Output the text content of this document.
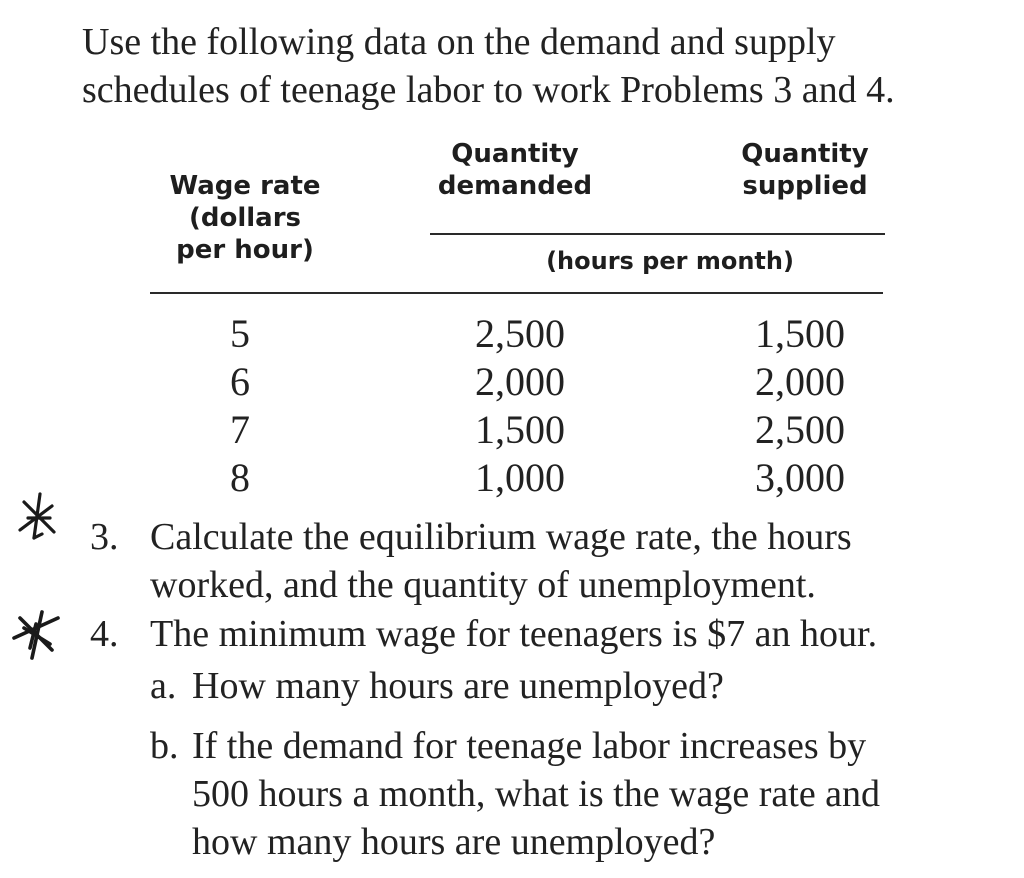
Use the following data on the demand and supply
schedules of teenage labor to work Problems 3 and 4.
Wage rate
(dollars
per hour)
Quantity
demanded
Quantity
supplied
(hours per month)
5	2,500	1,500
6	2,000	2,000
7	1,500	2,500
8	1,000	3,000
3. Calculate the equilibrium wage rate, the hours
worked, and the quantity of unemployment.
4. The minimum wage for teenagers is $7 an hour.
a. How many hours are unemployed?
b. If the demand for teenage labor increases by
500 hours a month, what is the wage rate and
how many hours are unemployed?
